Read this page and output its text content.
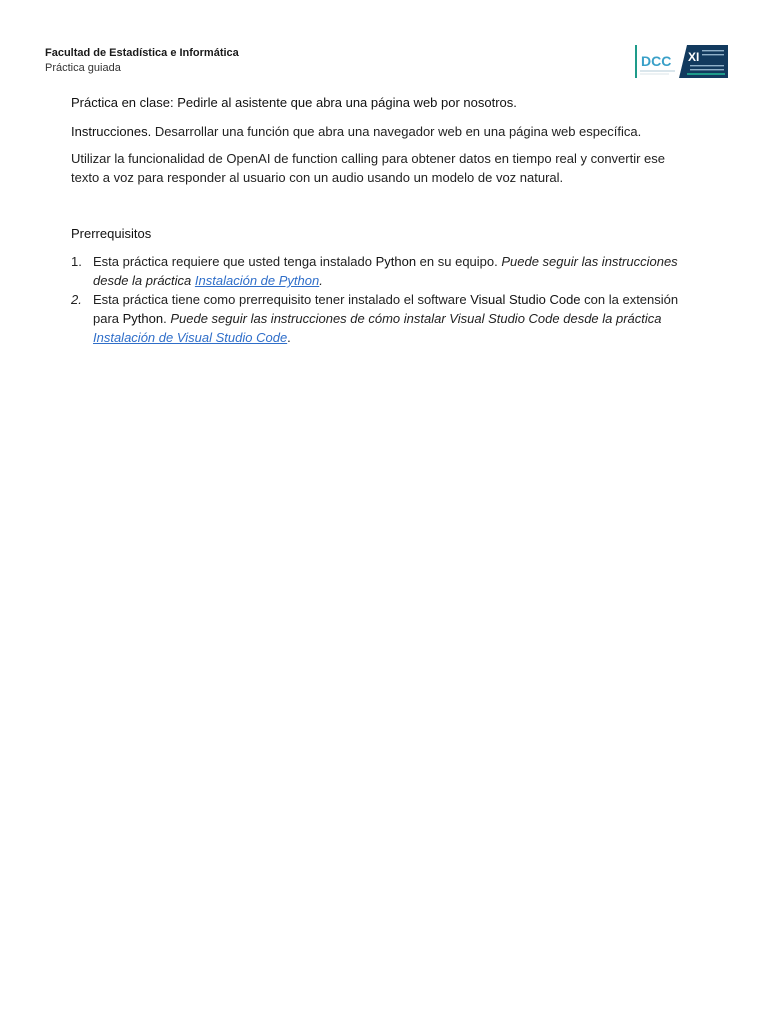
Facultad de Estadística e Informática
Práctica guiada	DCC XI

Práctica en clase: Pedirle al asistente que abra una página web por nosotros.

Instrucciones. Desarrollar una función que abra una navegador web en una página web específica.

Utilizar la funcionalidad de OpenAI de function calling para obtener datos en tiempo real y convertir ese texto a voz para responder al usuario con un audio usando un modelo de voz natural.

Prerrequisitos

1. Esta práctica requiere que usted tenga instalado Python en su equipo. Puede seguir las instrucciones desde la práctica Instalación de Python.
2. Esta práctica tiene como prerrequisito tener instalado el software Visual Studio Code con la extensión para Python. Puede seguir las instrucciones de cómo instalar Visual Studio Code desde la práctica Instalación de Visual Studio Code.
